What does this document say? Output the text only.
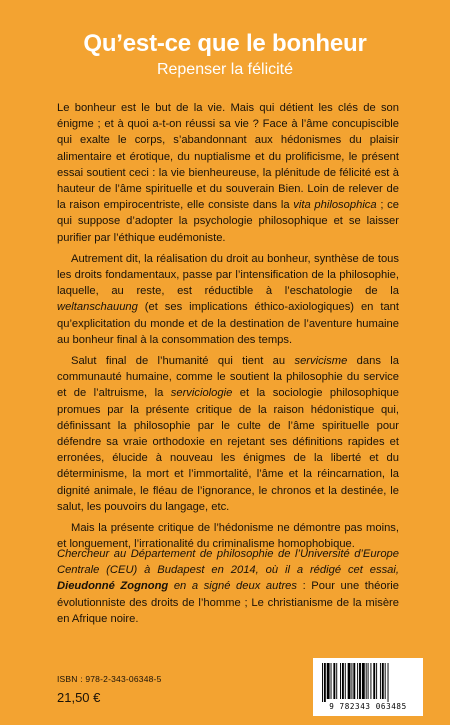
Qu’est-ce que le bonheur
Repenser la félicité

Le bonheur est le but de la vie. Mais qui détient les clés de son énigme ; et à quoi a-t-on réussi sa vie ? Face à l’âme concupiscible qui exalte le corps, s’abandonnant aux hédonismes du plaisir alimentaire et érotique, du nuptialisme et du prolificisme, le présent essai soutient ceci : la vie bienheureuse, la plénitude de félicité est à hauteur de l’âme spirituelle et du souverain Bien. Loin de relever de la raison empirocentriste, elle consiste dans la vita philosophica ; ce qui suppose d’adopter la psychologie philosophique et se laisser purifier par l’éthique eudémoniste.

Autrement dit, la réalisation du droit au bonheur, synthèse de tous les droits fondamentaux, passe par l’intensification de la philosophie, laquelle, au reste, est réductible à l’eschatologie de la weltanschauung (et ses implications éthico-axiologiques) en tant qu’explicitation du monde et de la destination de l’aventure humaine au bonheur final à la consommation des temps.

Salut final de l’humanité qui tient au servicisme dans la communauté humaine, comme le soutient la philosophie du service et de l’altruisme, la serviciologie et la sociologie philosophique promues par la présente critique de la raison hédonistique qui, définissant la philosophie par le culte de l’âme spirituelle pour défendre sa vraie orthodoxie en rejetant ses définitions rapides et erronées, élucide à nouveau les énigmes de la liberté et du déterminisme, la mort et l’immortalité, l’âme et la réincarnation, la dignité animale, le fléau de l’ignorance, le chronos et la destinée, le salut, les pouvoirs du langage, etc.

Mais la présente critique de l’hédonisme ne démontre pas moins, et longuement, l’irrationalité du criminalisme homophobique.

Chercheur au Département de philosophie de l’Université d’Europe Centrale (CEU) à Budapest en 2014, où il a rédigé cet essai, Dieudonné Zognong en a signé deux autres : Pour une théorie évolutionniste des droits de l’homme ; Le christianisme de la misère en Afrique noire.
ISBN : 978-2-343-06348-5
21,50 €
9 782343 063485
